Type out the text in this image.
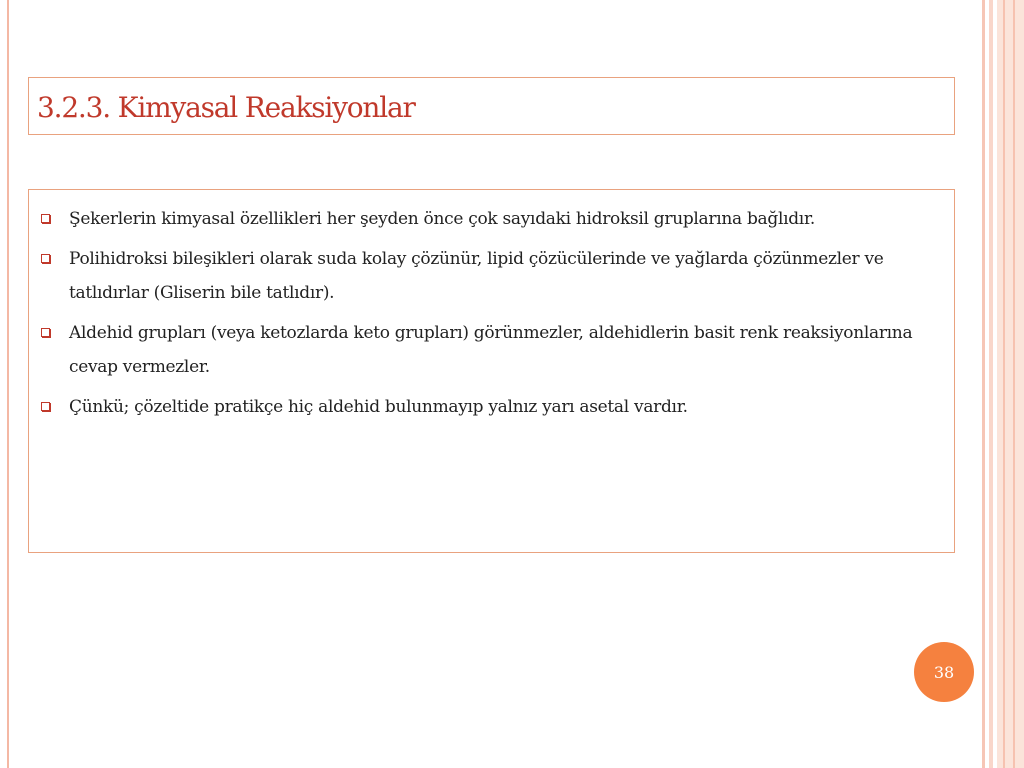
3.2.3. Kimyasal Reaksiyonlar
Şekerlerin kimyasal özellikleri her şeyden önce çok sayıdaki hidroksil gruplarına bağlıdır.
Polihidroksi bileşikleri olarak suda kolay çözünür, lipid çözücülerinde ve yağlarda çözünmezler ve tatlıdırlar (Gliserin bile tatlıdır).
Aldehid grupları (veya ketozlarda keto grupları) görünmezler, aldehidlerin basit renk reaksiyonlarına cevap vermezler.
Çünkü; çözeltide pratikçe hiç aldehid bulunmayıp yalnız yarı asetal vardır.
38
